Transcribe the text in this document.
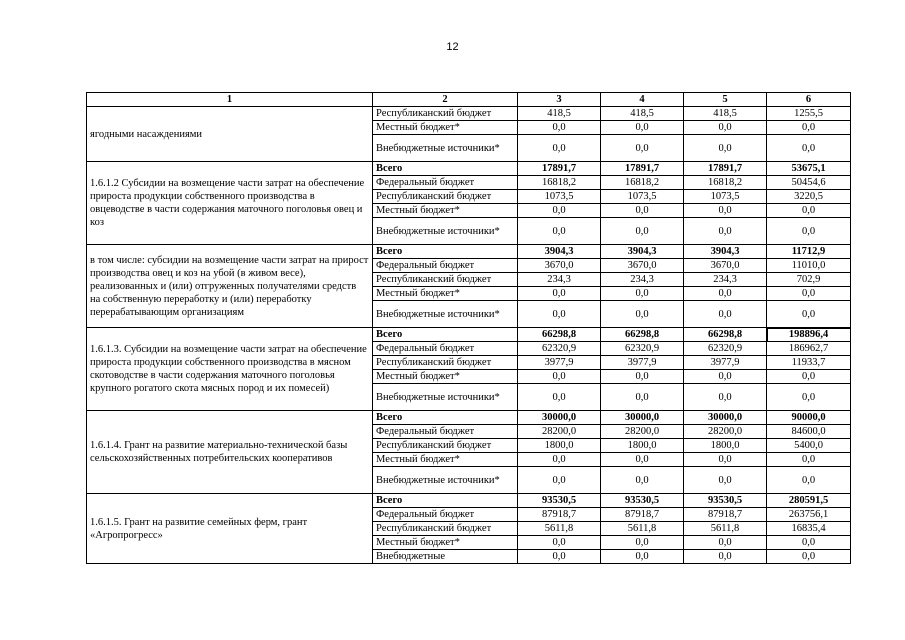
12
1	2	3	4	5	6
ягодными насаждениями	Республиканский бюджет	418,5	418,5	418,5	1255,5
	Местный бюджет*	0,0	0,0	0,0	0,0
	Внебюджетные источники*	0,0	0,0	0,0	0,0
1.6.1.2 Субсидии на возмещение части затрат на обеспечение прироста продукции собственного производства в овцеводстве в части содержания маточного поголовья овец и коз	Всего	17891,7	17891,7	17891,7	53675,1
	Федеральный бюджет	16818,2	16818,2	16818,2	50454,6
	Республиканский бюджет	1073,5	1073,5	1073,5	3220,5
	Местный бюджет*	0,0	0,0	0,0	0,0
	Внебюджетные источники*	0,0	0,0	0,0	0,0
в том числе: субсидии на возмещение части затрат на прирост производства овец и коз на убой (в живом весе), реализованных и (или) отгруженных получателями средств на собственную переработку и (или) переработку перерабатывающим организациям	Всего	3904,3	3904,3	3904,3	11712,9
	Федеральный бюджет	3670,0	3670,0	3670,0	11010,0
	Республиканский бюджет	234,3	234,3	234,3	702,9
	Местный бюджет*	0,0	0,0	0,0	0,0
	Внебюджетные источники*	0,0	0,0	0,0	0,0
1.6.1.3. Субсидии на возмещение части затрат на обеспечение прироста продукции собственного производства в мясном скотоводстве в части содержания маточного поголовья крупного рогатого скота мясных пород и их помесей)	Всего	66298,8	66298,8	66298,8	198896,4
	Федеральный бюджет	62320,9	62320,9	62320,9	186962,7
	Республиканский бюджет	3977,9	3977,9	3977,9	11933,7
	Местный бюджет*	0,0	0,0	0,0	0,0
	Внебюджетные источники*	0,0	0,0	0,0	0,0
1.6.1.4. Грант на развитие материально-технической базы сельскохозяйственных потребительских кооперативов	Всего	30000,0	30000,0	30000,0	90000,0
	Федеральный бюджет	28200,0	28200,0	28200,0	84600,0
	Республиканский бюджет	1800,0	1800,0	1800,0	5400,0
	Местный бюджет*	0,0	0,0	0,0	0,0
	Внебюджетные источники*	0,0	0,0	0,0	0,0
1.6.1.5. Грант на развитие семейных ферм, грант «Агропрогресс»	Всего	93530,5	93530,5	93530,5	280591,5
	Федеральный бюджет	87918,7	87918,7	87918,7	263756,1
	Республиканский бюджет	5611,8	5611,8	5611,8	16835,4
	Местный бюджет*	0,0	0,0	0,0	0,0
	Внебюджетные	0,0	0,0	0,0	0,0
